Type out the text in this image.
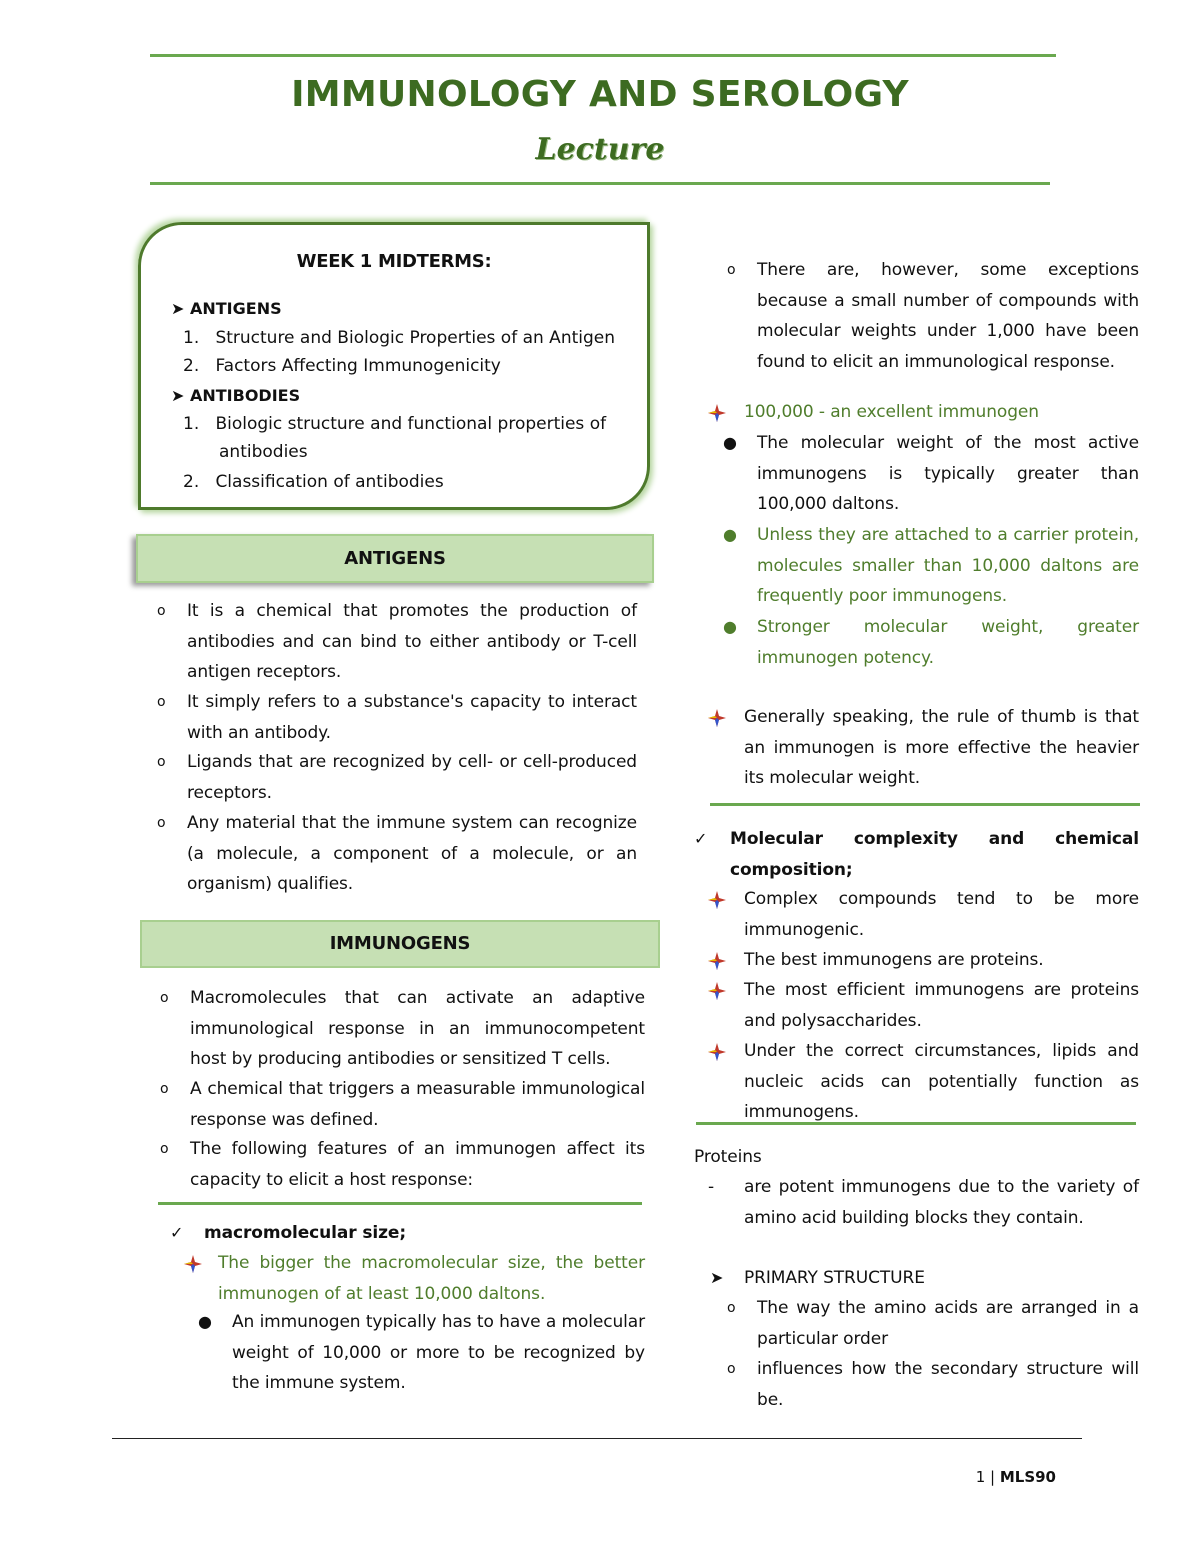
IMMUNOLOGY AND SEROLOGY
Lecture
WEEK 1 MIDTERMS:
➤ ANTIGENS
1.   Structure and Biologic Properties of an Antigen
2.   Factors Affecting Immunogenicity
➤ ANTIBODIES
1.   Biologic structure and functional properties of
antibodies
2.   Classification of antibodies
ANTIGENS
o It is a chemical that promotes the production of antibodies and can bind to either antibody or T-cell antigen receptors.

o It simply refers to a substance's capacity to interact with an antibody.

o Ligands that are recognized by cell- or cell-produced receptors.

o Any material that the immune system can recognize (a molecule, a component of a molecule, or an organism) qualifies.

IMMUNOGENS
o Macromolecules that can activate an adaptive immunological response in an immunocompetent host by producing antibodies or sensitized T cells.

o A chemical that triggers a measurable immunological response was defined.

o The following features of an immunogen affect its capacity to elicit a host response:

✓ macromolecular size;

The bigger the macromolecular size, the better immunogen of at least 10,000 daltons.

● An immunogen typically has to have a molecular weight of 10,000 or more to be recognized by the immune system.

o There are, however, some exceptions because a small number of compounds with molecular weights under 1,000 have been found to elicit an immunological response.

100,000 - an excellent immunogen
● The molecular weight of the most active immunogens is typically greater than 100,000 daltons.

● Unless they are attached to a carrier protein, molecules smaller than 10,000 daltons are frequently poor immunogens.

● Stronger molecular weight, greater immunogen potency.

Generally speaking, the rule of thumb is that an immunogen is more effective the heavier its molecular weight.

✓ Molecular complexity and chemical composition;

Complex compounds tend to be more immunogenic.

The best immunogens are proteins.

The most efficient immunogens are proteins and polysaccharides.

Under the correct circumstances, lipids and nucleic acids can potentially function as immunogens.

Proteins
- are potent immunogens due to the variety of amino acid building blocks they contain.

➤ PRIMARY STRUCTURE
o The way the amino acids are arranged in a particular order

o influences how the secondary structure will be.

1 | MLS90
